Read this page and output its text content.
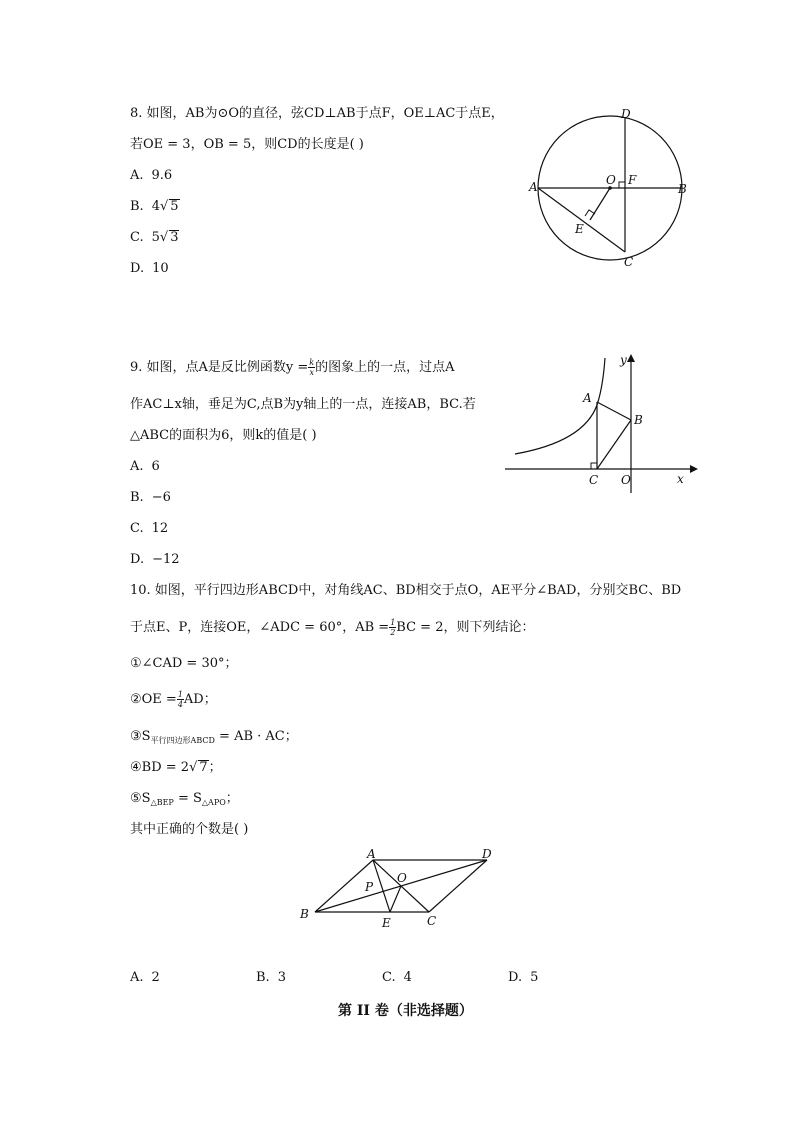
8. 如图，AB为⊙O的直径，弦CD⊥AB于点F，OE⊥AC于点E，
若OE = 3，OB = 5，则CD的长度是( )
A. 9.6
B. 4√ 5
C. 5√ 3
D. 10
D
A	O F
B
E
C
9. 如图，点A是反比例函数$y = \frac{k}{x}$ 的图象上的一点，过点A
作AC⊥x轴，垂足为C,点B为y轴上的一点，连接AB，BC.若
△ABC的面积为6，则k的值是( )
A. 6
B. −6
C. 12
D. −12
y
A
B
C O	x
10. 如图，平行四边形ABCD中，对角线AC、BD相交于点O，AE平分∠BAD，分别交BC、BD
于点E、P，连接OE，∠ADC = 60°，AB = $\frac{1}{2}$ BC = 2，则下列结论：
①∠CAD = 30°；
②OE = $\frac{1}{4}$ AD；
$③S_{平行四边形ABCD}$ = AB · AC；
④BD = 2√ 7；
$⑤S_{\triangle BEP} = S_{\triangle APO}$；
其中正确的个数是( )
A	D
P
O
B
E	C
A. 2	B. 3	C. 4	D. 5
第 II 卷（非选择题）
